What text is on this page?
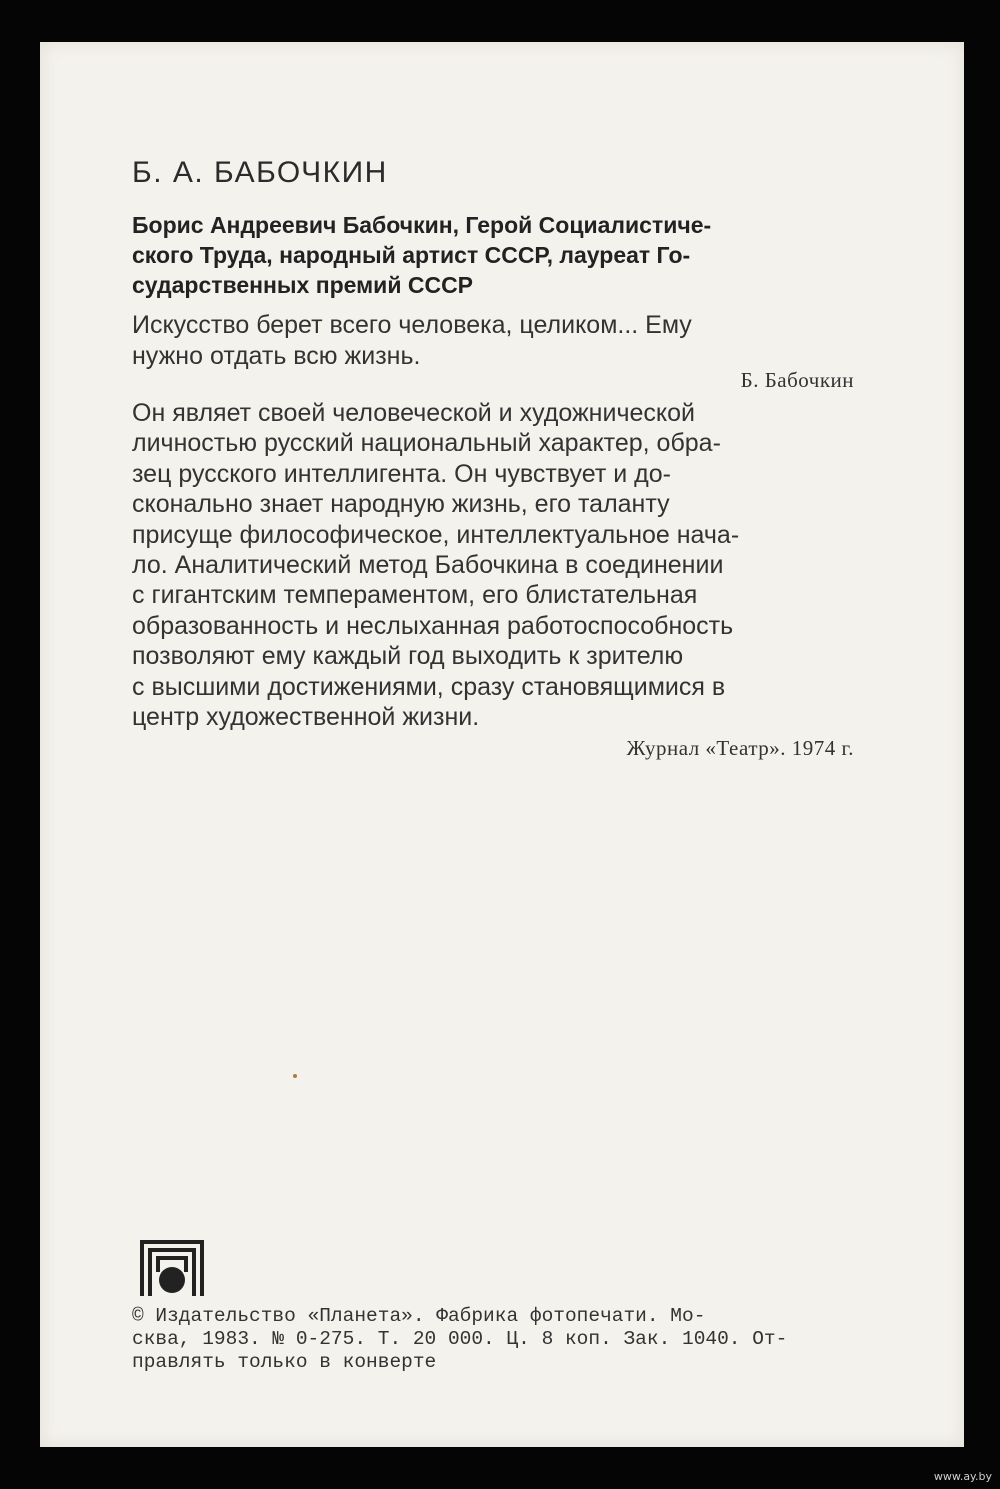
Б. А. БАБОЧКИН

Борис Андреевич Бабочкин, Герой Социалистиче-
ского Труда, народный артист СССР, лауреат Го-
сударственных премий СССР

Искусство берет всего человека, целиком... Ему
нужно отдать всю жизнь.

Б. Бабочкин

Он являет своей человеческой и художнической
личностью русский национальный характер, обра-
зец русского интеллигента. Он чувствует и до-
сконально знает народную жизнь, его таланту
присуще философическое, интеллектуальное нача-
ло. Аналитический метод Бабочкина в соединении
с гигантским темпераментом, его блистательная
образованность и неслыханная работоспособность
позволяют ему каждый год выходить к зрителю
с высшими достижениями, сразу становящимися в
центр художественной жизни.

Журнал «Театр». 1974 г.

© Издательство «Планета». Фабрика фотопечати. Мо-
сква, 1983. № 0-275. Т. 20 000. Ц. 8 коп. Зак. 1040. От-
правлять только в конверте

www.ay.by
